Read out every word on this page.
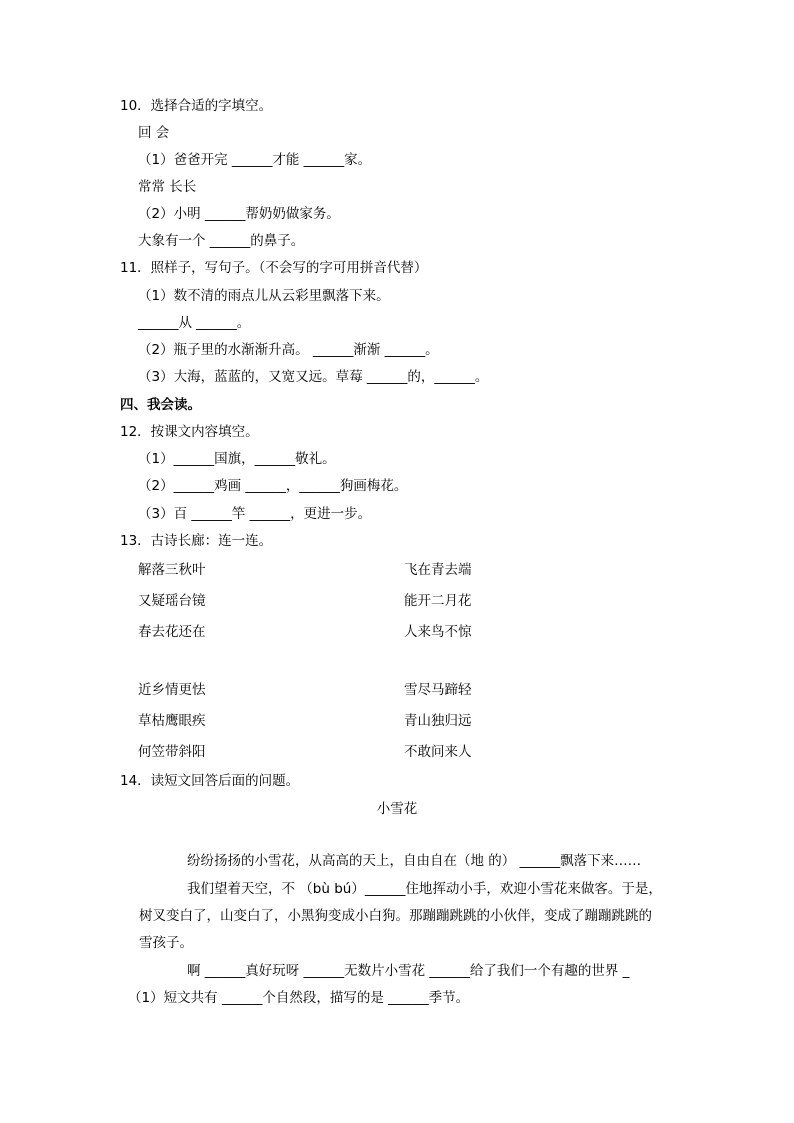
10．选择合适的字填空。
回 会
（1）爸爸开完 ______才能 ______家。
常常 长长
（2）小明 ______帮奶奶做家务。
大象有一个 ______的鼻子。
11．照样子，写句子。（不会写的字可用拼音代替）
（1）数不清的雨点儿从云彩里飘落下来。
______从 ______。
（2）瓶子里的水渐渐升高。 ______渐渐 ______。
（3）大海，蓝蓝的，又宽又远。草莓 ______的，______。
四、我会读。
12．按课文内容填空。
（1）______国旗，______敬礼。
（2）______鸡画 ______，______狗画梅花。
（3）百 ______竿 ______，更进一步。
13．古诗长廊：连一连。
解落三秋叶	飞在青去端
又疑瑶台镜	能开二月花
春去花还在	人来鸟不惊
近乡情更怯	雪尽马蹄轻
草枯鹰眼疾	青山独归远
何笠带斜阳	不敢问来人
14．读短文回答后面的问题。
小雪花
纷纷扬扬的小雪花，从高高的天上，自由自在（地 的） ______飘落下来……
我们望着天空，不 （bù bú）______住地挥动小手，欢迎小雪花来做客。于是，
树叉变白了，山变白了，小黑狗变成小白狗。那蹦蹦跳跳的小伙伴，变成了蹦蹦跳跳的
雪孩子。
啊 ______真好玩呀 ______无数片小雪花 ______给了我们一个有趣的世界 _
（1）短文共有 ______个自然段，描写的是 ______季节。
